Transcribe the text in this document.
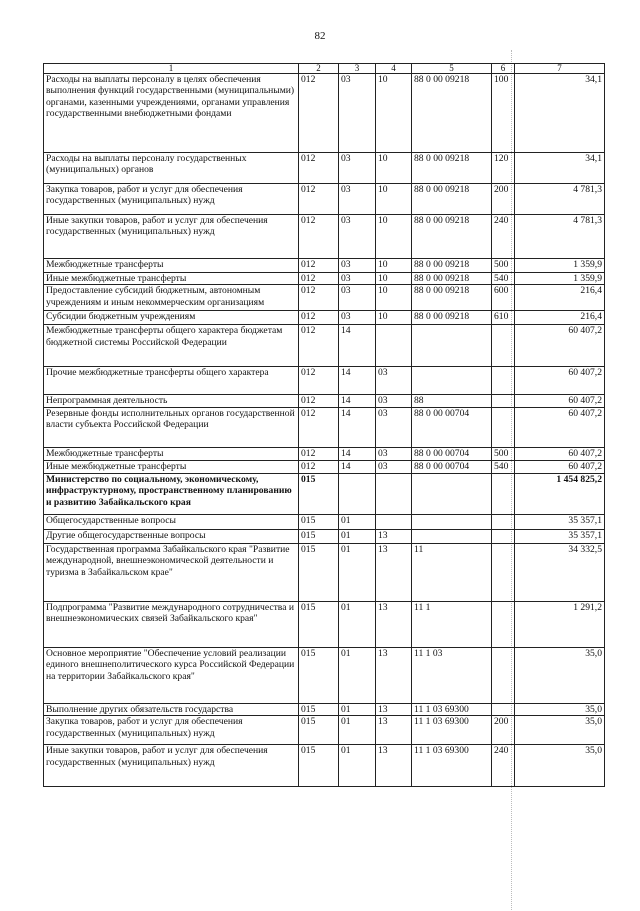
82
1	2	3	4	5	6	7
Расходы на выплаты персоналу в целях обеспечения выполнения функций государственными (муниципальными) органами, казенными учреждениями, органами управления государственными внебюджетными фондами	012	03	10	88 0 00 09218	100	34,1
Расходы на выплаты персоналу государственных (муниципальных) органов	012	03	10	88 0 00 09218	120	34,1
Закупка товаров, работ и услуг для обеспечения государственных (муниципальных) нужд	012	03	10	88 0 00 09218	200	4 781,3
Иные закупки товаров, работ и услуг для обеспечения государственных (муниципальных) нужд	012	03	10	88 0 00 09218	240	4 781,3
Межбюджетные трансферты	012	03	10	88 0 00 09218	500	1 359,9
Иные межбюджетные трансферты	012	03	10	88 0 00 09218	540	1 359,9
Предоставление субсидий бюджетным, автономным учреждениям и иным некоммерческим организациям	012	03	10	88 0 00 09218	600	216,4
Субсидии бюджетным учреждениям	012	03	10	88 0 00 09218	610	216,4
Межбюджетные трансферты общего характера бюджетам бюджетной системы Российской Федерации	012	14				60 407,2
Прочие межбюджетные трансферты общего характера	012	14	03			60 407,2
Непрограммная деятельность	012	14	03	88		60 407,2
Резервные фонды исполнительных органов государственной власти субъекта Российской Федерации	012	14	03	88 0 00 00704		60 407,2
Межбюджетные трансферты	012	14	03	88 0 00 00704	500	60 407,2
Иные межбюджетные трансферты	012	14	03	88 0 00 00704	540	60 407,2
Министерство по социальному, экономическому, инфраструктурному, пространственному планированию и развитию Забайкальского края	015					1 454 825,2
Общегосударственные вопросы	015	01				35 357,1
Другие общегосударственные вопросы	015	01	13			35 357,1
Государственная программа Забайкальского края "Развитие международной, внешнеэкономической деятельности и туризма в Забайкальском крае"	015	01	13	11		34 332,5
Подпрограмма "Развитие международного сотрудничества и внешнеэкономических связей Забайкальского края"	015	01	13	11 1		1 291,2
Основное мероприятие "Обеспечение условий реализации единого внешнеполитического курса Российской Федерации на территории Забайкальского края"	015	01	13	11 1 03		35,0
Выполнение других обязательств государства	015	01	13	11 1 03 69300		35,0
Закупка товаров, работ и услуг для обеспечения государственных (муниципальных) нужд	015	01	13	11 1 03 69300	200	35,0
Иные закупки товаров, работ и услуг для обеспечения государственных (муниципальных) нужд	015	01	13	11 1 03 69300	240	35,0
